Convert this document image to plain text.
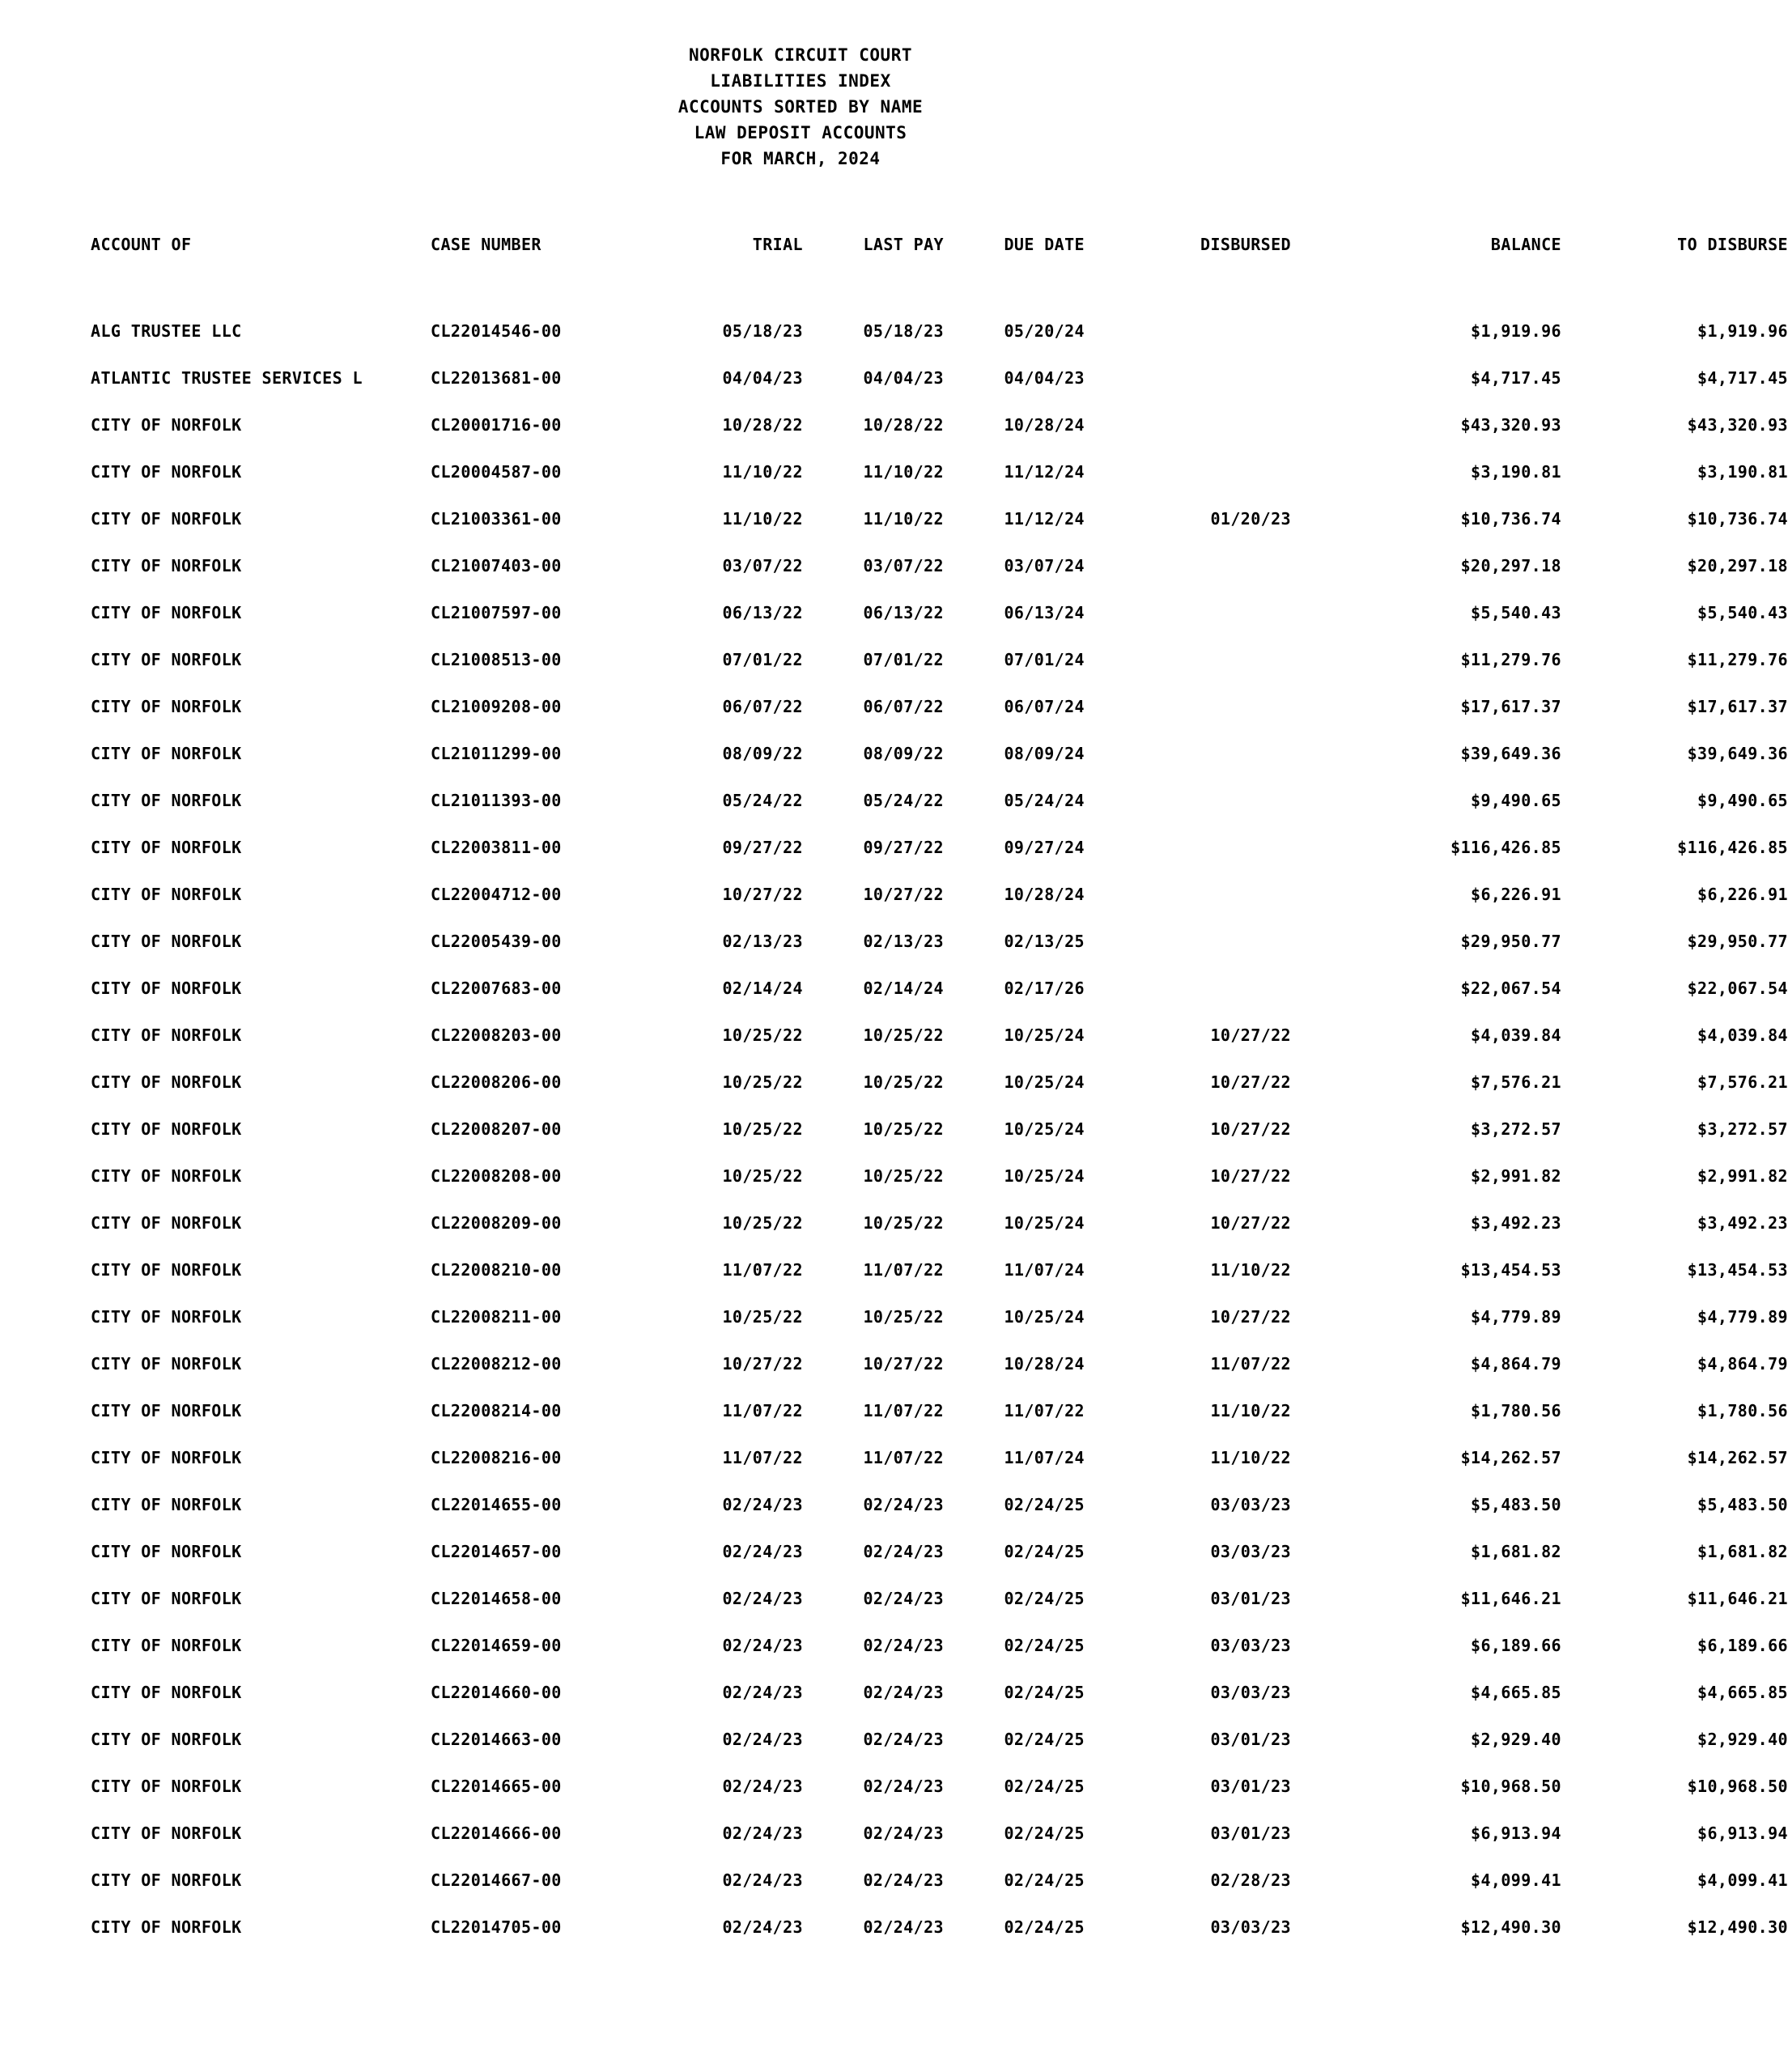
NORFOLK CIRCUIT COURT
LIABILITIES INDEX
ACCOUNTS SORTED BY NAME
LAW DEPOSIT ACCOUNTS
FOR MARCH, 2024
ACCOUNT OF	CASE NUMBER	TRIAL	LAST PAY	DUE DATE	DISBURSED	BALANCE	TO DISBURSE

ALG TRUSTEE LLC	CL22014546-00	05/18/23	05/18/23	05/20/24		$1,919.96	$1,919.96
ATLANTIC TRUSTEE SERVICES L	CL22013681-00	04/04/23	04/04/23	04/04/23		$4,717.45	$4,717.45
CITY OF NORFOLK	CL20001716-00	10/28/22	10/28/22	10/28/24		$43,320.93	$43,320.93
CITY OF NORFOLK	CL20004587-00	11/10/22	11/10/22	11/12/24		$3,190.81	$3,190.81
CITY OF NORFOLK	CL21003361-00	11/10/22	11/10/22	11/12/24	01/20/23	$10,736.74	$10,736.74
CITY OF NORFOLK	CL21007403-00	03/07/22	03/07/22	03/07/24		$20,297.18	$20,297.18
CITY OF NORFOLK	CL21007597-00	06/13/22	06/13/22	06/13/24		$5,540.43	$5,540.43
CITY OF NORFOLK	CL21008513-00	07/01/22	07/01/22	07/01/24		$11,279.76	$11,279.76
CITY OF NORFOLK	CL21009208-00	06/07/22	06/07/22	06/07/24		$17,617.37	$17,617.37
CITY OF NORFOLK	CL21011299-00	08/09/22	08/09/22	08/09/24		$39,649.36	$39,649.36
CITY OF NORFOLK	CL21011393-00	05/24/22	05/24/22	05/24/24		$9,490.65	$9,490.65
CITY OF NORFOLK	CL22003811-00	09/27/22	09/27/22	09/27/24		$116,426.85	$116,426.85
CITY OF NORFOLK	CL22004712-00	10/27/22	10/27/22	10/28/24		$6,226.91	$6,226.91
CITY OF NORFOLK	CL22005439-00	02/13/23	02/13/23	02/13/25		$29,950.77	$29,950.77
CITY OF NORFOLK	CL22007683-00	02/14/24	02/14/24	02/17/26		$22,067.54	$22,067.54
CITY OF NORFOLK	CL22008203-00	10/25/22	10/25/22	10/25/24	10/27/22	$4,039.84	$4,039.84
CITY OF NORFOLK	CL22008206-00	10/25/22	10/25/22	10/25/24	10/27/22	$7,576.21	$7,576.21
CITY OF NORFOLK	CL22008207-00	10/25/22	10/25/22	10/25/24	10/27/22	$3,272.57	$3,272.57
CITY OF NORFOLK	CL22008208-00	10/25/22	10/25/22	10/25/24	10/27/22	$2,991.82	$2,991.82
CITY OF NORFOLK	CL22008209-00	10/25/22	10/25/22	10/25/24	10/27/22	$3,492.23	$3,492.23
CITY OF NORFOLK	CL22008210-00	11/07/22	11/07/22	11/07/24	11/10/22	$13,454.53	$13,454.53
CITY OF NORFOLK	CL22008211-00	10/25/22	10/25/22	10/25/24	10/27/22	$4,779.89	$4,779.89
CITY OF NORFOLK	CL22008212-00	10/27/22	10/27/22	10/28/24	11/07/22	$4,864.79	$4,864.79
CITY OF NORFOLK	CL22008214-00	11/07/22	11/07/22	11/07/22	11/10/22	$1,780.56	$1,780.56
CITY OF NORFOLK	CL22008216-00	11/07/22	11/07/22	11/07/24	11/10/22	$14,262.57	$14,262.57
CITY OF NORFOLK	CL22014655-00	02/24/23	02/24/23	02/24/25	03/03/23	$5,483.50	$5,483.50
CITY OF NORFOLK	CL22014657-00	02/24/23	02/24/23	02/24/25	03/03/23	$1,681.82	$1,681.82
CITY OF NORFOLK	CL22014658-00	02/24/23	02/24/23	02/24/25	03/01/23	$11,646.21	$11,646.21
CITY OF NORFOLK	CL22014659-00	02/24/23	02/24/23	02/24/25	03/03/23	$6,189.66	$6,189.66
CITY OF NORFOLK	CL22014660-00	02/24/23	02/24/23	02/24/25	03/03/23	$4,665.85	$4,665.85
CITY OF NORFOLK	CL22014663-00	02/24/23	02/24/23	02/24/25	03/01/23	$2,929.40	$2,929.40
CITY OF NORFOLK	CL22014665-00	02/24/23	02/24/23	02/24/25	03/01/23	$10,968.50	$10,968.50
CITY OF NORFOLK	CL22014666-00	02/24/23	02/24/23	02/24/25	03/01/23	$6,913.94	$6,913.94
CITY OF NORFOLK	CL22014667-00	02/24/23	02/24/23	02/24/25	02/28/23	$4,099.41	$4,099.41
CITY OF NORFOLK	CL22014705-00	02/24/23	02/24/23	02/24/25	03/03/23	$12,490.30	$12,490.30
